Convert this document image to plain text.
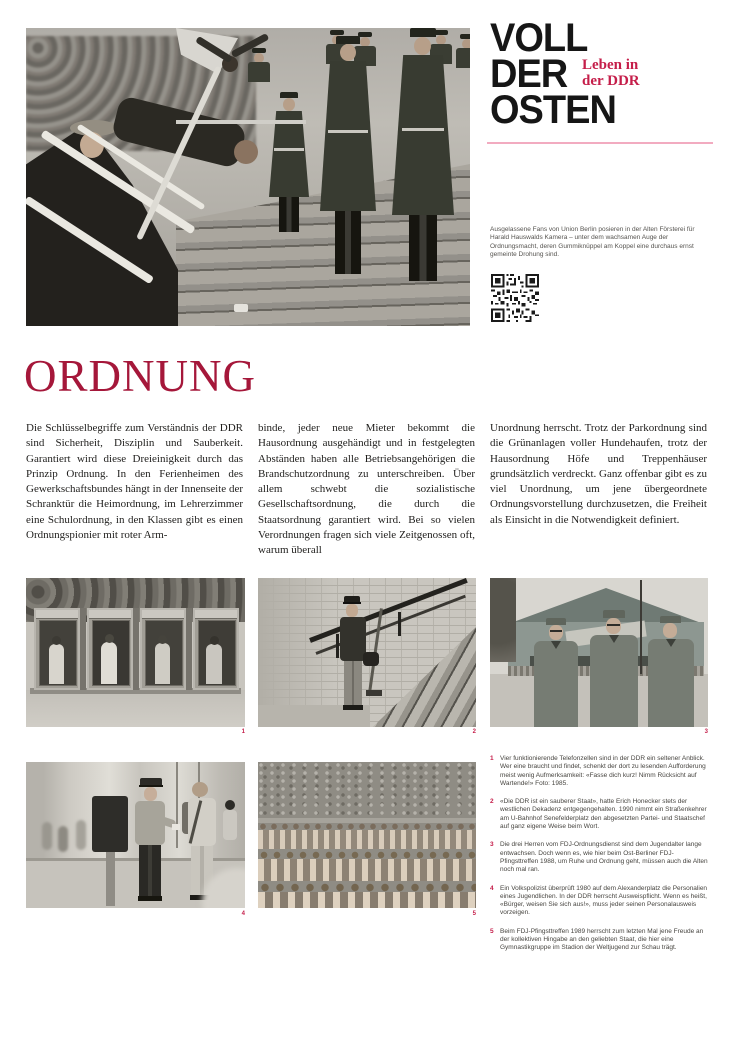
VOLL
DER
OSTEN
Leben in
der DDR
Ausgelassene Fans von Union Berlin posieren in der Alten Försterei für Harald Hauswalds Kamera – unter dem wachsamen Auge der Ordnungsmacht, deren Gummiknüppel am Koppel eine durchaus ernst gemeinte Drohung sind.
ORDNUNG
Die Schlüsselbegriffe zum Verständnis der DDR sind Sicherheit, Disziplin und Sauberkeit. Garantiert wird diese Dreieinigkeit durch das Prinzip Ordnung. In den Ferienheimen des Gewerkschaftsbundes hängt in der Innenseite der Schranktür die Heimordnung, im Lehrerzimmer eine Schulordnung, in den Klassen gibt es einen Ordnungspionier mit roter Arm-
binde, jeder neue Mieter bekommt die Hausordnung ausgehändigt und in festgelegten Abständen haben alle Betriebsangehörigen die Brandschutzordnung zu unterschreiben. Über allem schwebt die sozialistische Gesellschaftsordnung, die durch die Staatsordnung garantiert wird. Bei so vielen Verordnungen fragen sich viele Zeitgenossen oft, warum überall
Unordnung herrscht. Trotz der Parkordnung sind die Grünanlagen voller Hundehaufen, trotz der Hausordnung Höfe und Treppenhäuser grundsätzlich verdreckt. Ganz offenbar gibt es zu viel Unordnung, um jene übergeordnete Ordnungsvorstellung durchzusetzen, die Freiheit als Einsicht in die Notwendigkeit definiert.
1	2	3
4	5
1 Vier funktionierende Telefonzellen sind in der DDR ein seltener Anblick. Wer eine braucht und findet, schenkt der dort zu lesenden Aufforderung meist wenig Aufmerksamkeit: «Fasse dich kurz! Nimm Rücksicht auf Wartende!» Foto: 1985.
2 «Die DDR ist ein sauberer Staat», hatte Erich Honecker stets der westlichen Dekadenz entgegengehalten. 1990 nimmt ein Straßenkehrer am U-Bahnhof Senefelderplatz den abgesetzten Partei- und Staatschef auf ganz eigene Weise beim Wort.
3 Die drei Herren vom FDJ-Ordnungsdienst sind dem Jugendalter lange entwachsen. Doch wenn es, wie hier beim Ost-Berliner FDJ-Pfingsttreffen 1988, um Ruhe und Ordnung geht, müssen auch die Alten noch mal ran.
4 Ein Volkspolizist überprüft 1980 auf dem Alexanderplatz die Personalien eines Jugendlichen. In der DDR herrscht Ausweispflicht. Wenn es heißt, «Bürger, weisen Sie sich aus!», muss jeder seinen Personalausweis vorzeigen.
5 Beim FDJ-Pfingsttreffen 1989 herrscht zum letzten Mal jene Freude an der kollektiven Hingabe an den geliebten Staat, die hier eine Gymnastikgruppe im Stadion der Weltjugend zur Schau trägt.
